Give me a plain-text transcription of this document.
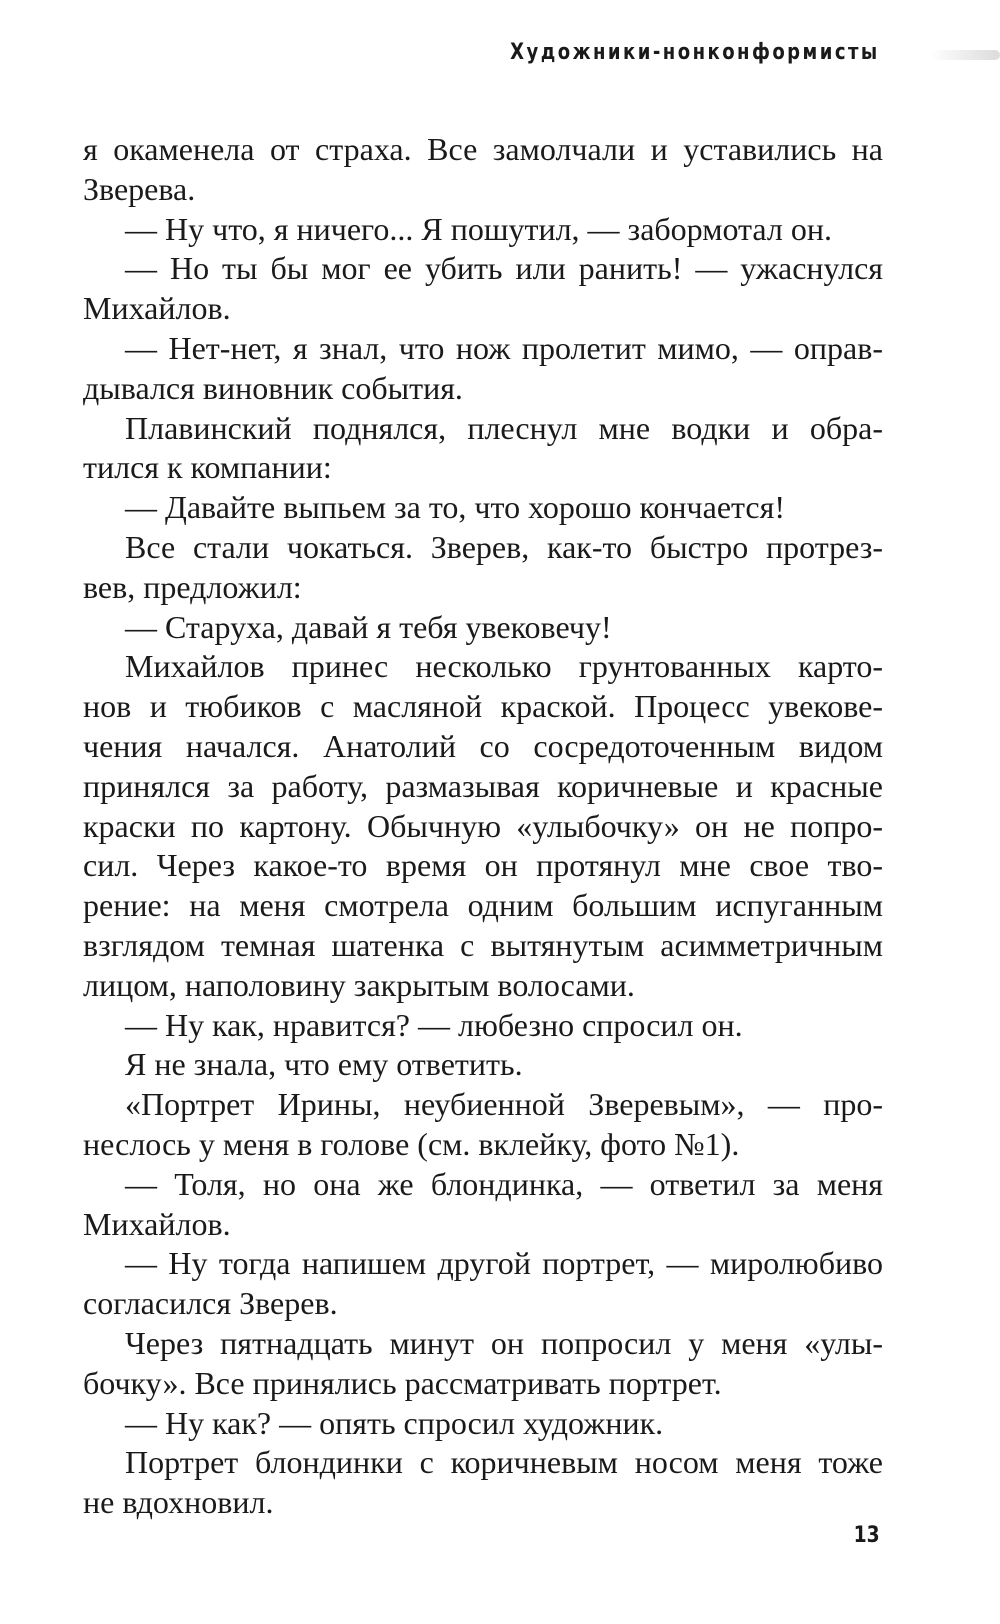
Художники-нонконформисты
я окаменела от страха. Все замолчали и уставились на
Зверева.
— Ну что, я ничего... Я пошутил, — забормотал он.
— Но ты бы мог ее убить или ранить! — ужаснулся
Михайлов.
— Нет-нет, я знал, что нож пролетит мимо, — оправ-
дывался виновник события.
Плавинский поднялся, плеснул мне водки и обра-
тился к компании:
— Давайте выпьем за то, что хорошо кончается!
Все стали чокаться. Зверев, как-то быстро протрез-
вев, предложил:
— Старуха, давай я тебя увековечу!
Михайлов принес несколько грунтованных карто-
нов и тюбиков с масляной краской. Процесс увекове-
чения начался. Анатолий со сосредоточенным видом
принялся за работу, размазывая коричневые и красные
краски по картону. Обычную «улыбочку» он не попро-
сил. Через какое-то время он протянул мне свое тво-
рение: на меня смотрела одним большим испуганным
взглядом темная шатенка с вытянутым асимметричным
лицом, наполовину закрытым волосами.
— Ну как, нравится? — любезно спросил он.
Я не знала, что ему ответить.
«Портрет Ирины, неубиенной Зверевым», — про-
неслось у меня в голове (см. вклейку, фото №1).
— Толя, но она же блондинка, — ответил за меня
Михайлов.
— Ну тогда напишем другой портрет, — миролюбиво
согласился Зверев.
Через пятнадцать минут он попросил у меня «улы-
бочку». Все принялись рассматривать портрет.
— Ну как? — опять спросил художник.
Портрет блондинки с коричневым носом меня тоже
не вдохновил.
13
